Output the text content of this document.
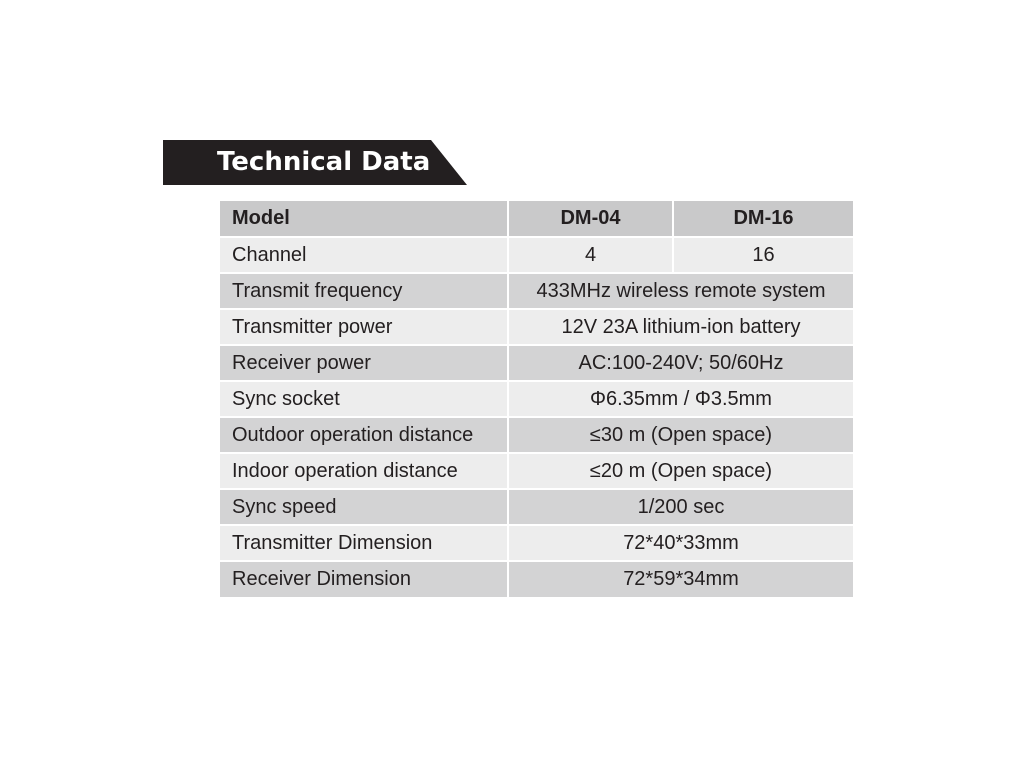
Technical Data
Model	DM-04	DM-16
Channel	4	16
Transmit frequency	433MHz wireless remote system	
Transmitter power	12V 23A lithium-ion battery	
Receiver power	AC:100-240V; 50/60Hz	
Sync socket	Φ6.35mm / Φ3.5mm	
Outdoor operation distance	≤30 m (Open space)	
Indoor operation distance	≤20 m (Open space)	
Sync speed	1/200 sec	
Transmitter Dimension	72*40*33mm	
Receiver Dimension	72*59*34mm	
